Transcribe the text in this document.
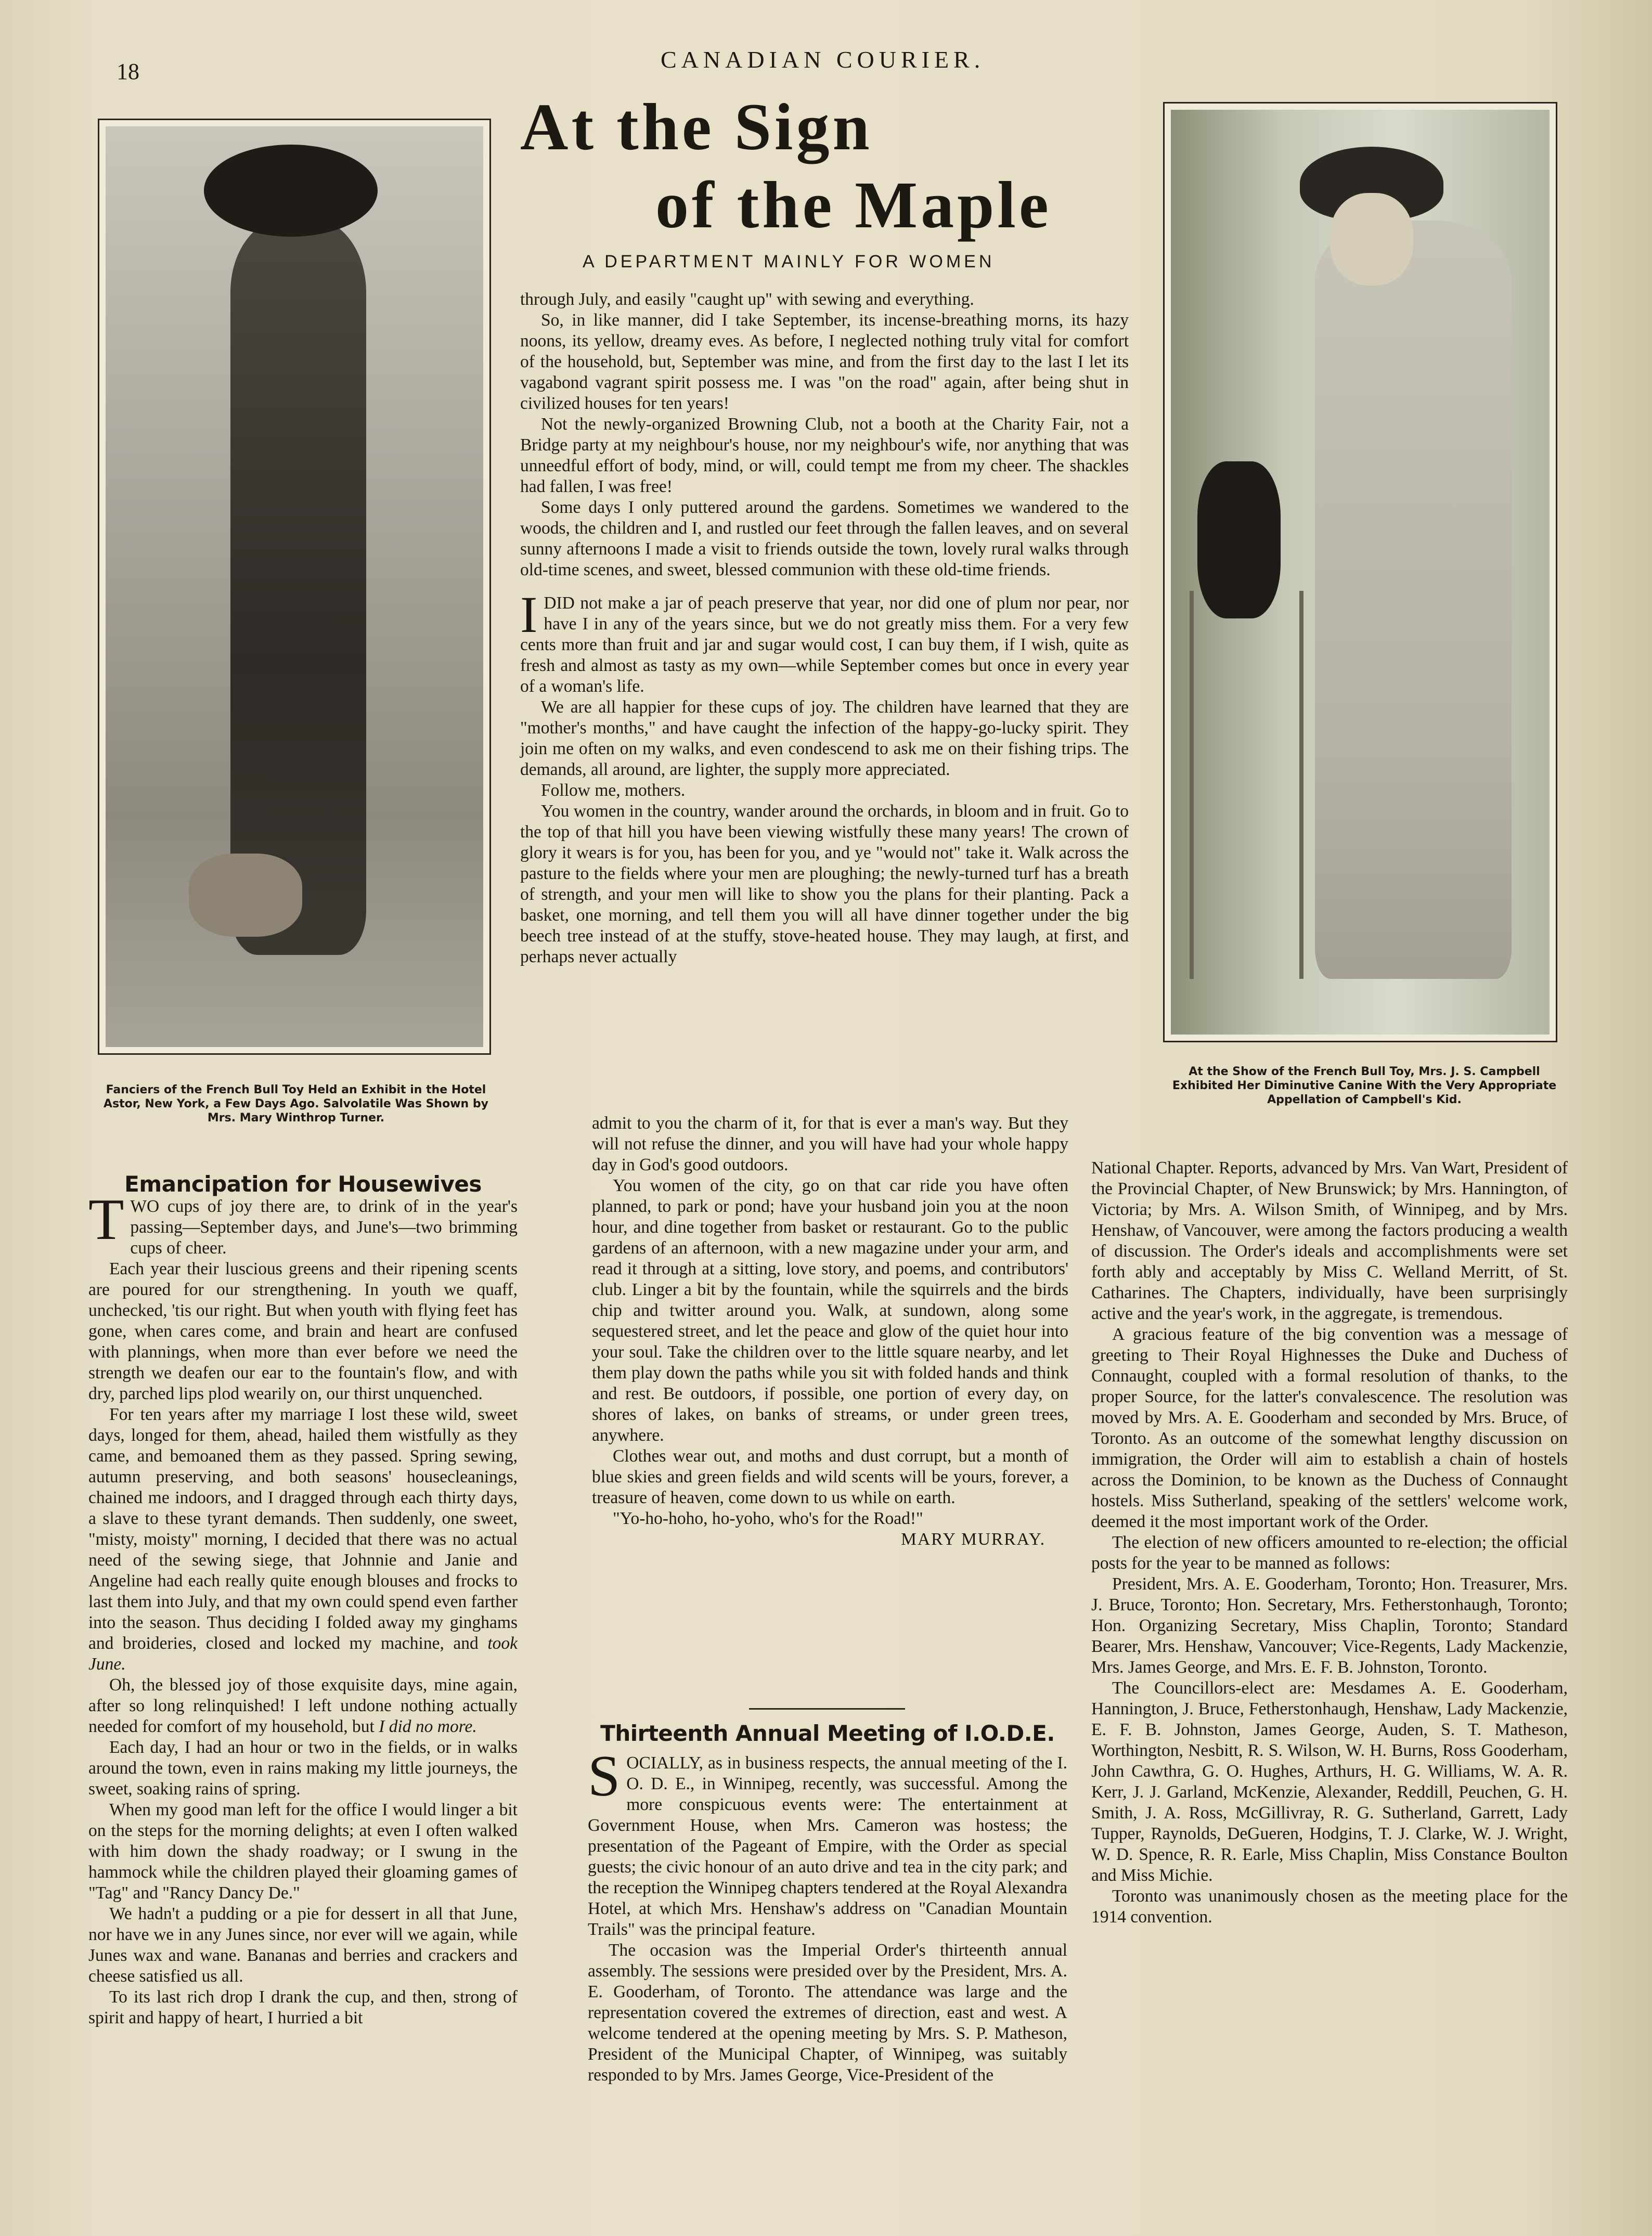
18	CANADIAN COURIER.
At the Sign
of the Maple
A DEPARTMENT MAINLY FOR WOMEN
Fanciers of the French Bull Toy Held an Exhibit in the Hotel Astor, New York, a Few Days Ago. Salvolatile Was Shown by Mrs. Mary Winthrop Turner.
At the Show of the French Bull Toy, Mrs. J. S. Campbell Exhibited Her Diminutive Canine With the Very Appropriate Appellation of Campbell's Kid.
Emancipation for Housewives

TWO cups of joy there are, to drink of in the year's passing—September days, and June's—two brimming cups of cheer.

Each year their luscious greens and their ripening scents are poured for our strengthening. In youth we quaff, unchecked, 'tis our right. But when youth with flying feet has gone, when cares come, and brain and heart are confused with plannings, when more than ever before we need the strength we deafen our ear to the fountain's flow, and with dry, parched lips plod wearily on, our thirst unquenched.

For ten years after my marriage I lost these wild, sweet days, longed for them, ahead, hailed them wistfully as they came, and bemoaned them as they passed. Spring sewing, autumn preserving, and both seasons' housecleanings, chained me indoors, and I dragged through each thirty days, a slave to these tyrant demands. Then suddenly, one sweet, "misty, moisty" morning, I decided that there was no actual need of the sewing siege, that Johnnie and Janie and Angeline had each really quite enough blouses and frocks to last them into July, and that my own could spend even farther into the season. Thus deciding I folded away my ginghams and broideries, closed and locked my machine, and took June.

Oh, the blessed joy of those exquisite days, mine again, after so long relinquished! I left undone nothing actually needed for comfort of my household, but I did no more.

Each day, I had an hour or two in the fields, or in walks around the town, even in rains making my little journeys, the sweet, soaking rains of spring.

When my good man left for the office I would linger a bit on the steps for the morning delights; at even I often walked with him down the shady roadway; or I swung in the hammock while the children played their gloaming games of "Tag" and "Rancy Dancy De."

We hadn't a pudding or a pie for dessert in all that June, nor have we in any Junes since, nor ever will we again, while Junes wax and wane. Bananas and berries and crackers and cheese satisfied us all.

To its last rich drop I drank the cup, and then, strong of spirit and happy of heart, I hurried a bit

through July, and easily "caught up" with sewing and everything.

So, in like manner, did I take September, its incense-breathing morns, its hazy noons, its yellow, dreamy eves. As before, I neglected nothing truly vital for comfort of the household, but, September was mine, and from the first day to the last I let its vagabond vagrant spirit possess me. I was "on the road" again, after being shut in civilized houses for ten years!

Not the newly-organized Browning Club, not a booth at the Charity Fair, not a Bridge party at my neighbour's house, nor my neighbour's wife, nor anything that was unneedful effort of body, mind, or will, could tempt me from my cheer. The shackles had fallen, I was free!

Some days I only puttered around the gardens. Sometimes we wandered to the woods, the children and I, and rustled our feet through the fallen leaves, and on several sunny afternoons I made a visit to friends outside the town, lovely rural walks through old-time scenes, and sweet, blessed communion with these old-time friends.

IDID not make a jar of peach preserve that year, nor did one of plum nor pear, nor have I in any of the years since, but we do not greatly miss them. For a very few cents more than fruit and jar and sugar would cost, I can buy them, if I wish, quite as fresh and almost as tasty as my own—while September comes but once in every year of a woman's life.

We are all happier for these cups of joy. The children have learned that they are "mother's months," and have caught the infection of the happy-go-lucky spirit. They join me often on my walks, and even condescend to ask me on their fishing trips. The demands, all around, are lighter, the supply more appreciated.

Follow me, mothers.

You women in the country, wander around the orchards, in bloom and in fruit. Go to the top of that hill you have been viewing wistfully these many years! The crown of glory it wears is for you, has been for you, and ye "would not" take it. Walk across the pasture to the fields where your men are ploughing; the newly-turned turf has a breath of strength, and your men will like to show you the plans for their planting. Pack a basket, one morning, and tell them you will all have dinner together under the big beech tree instead of at the stuffy, stove-heated house. They may laugh, at first, and perhaps never actually

admit to you the charm of it, for that is ever a man's way. But they will not refuse the dinner, and you will have had your whole happy day in God's good outdoors.

You women of the city, go on that car ride you have often planned, to park or pond; have your husband join you at the noon hour, and dine together from basket or restaurant. Go to the public gardens of an afternoon, with a new magazine under your arm, and read it through at a sitting, love story, and poems, and contributors' club. Linger a bit by the fountain, while the squirrels and the birds chip and twitter around you. Walk, at sundown, along some sequestered street, and let the peace and glow of the quiet hour into your soul. Take the children over to the little square nearby, and let them play down the paths while you sit with folded hands and think and rest. Be outdoors, if possible, one portion of every day, on shores of lakes, on banks of streams, or under green trees, anywhere.

Clothes wear out, and moths and dust corrupt, but a month of blue skies and green fields and wild scents will be yours, forever, a treasure of heaven, come down to us while on earth.

"Yo-ho-hoho, ho-yoho, who's for the Road!"

MARY MURRAY.

Thirteenth Annual Meeting of I.O.D.E.

SOCIALLY, as in business respects, the annual meeting of the I. O. D. E., in Winnipeg, recently, was successful. Among the more conspicuous events were: The entertainment at Government House, when Mrs. Cameron was hostess; the presentation of the Pageant of Empire, with the Order as special guests; the civic honour of an auto drive and tea in the city park; and the reception the Winnipeg chapters tendered at the Royal Alexandra Hotel, at which Mrs. Henshaw's address on "Canadian Mountain Trails" was the principal feature.

The occasion was the Imperial Order's thirteenth annual assembly. The sessions were presided over by the President, Mrs. A. E. Gooderham, of Toronto. The attendance was large and the representation covered the extremes of direction, east and west. A welcome tendered at the opening meeting by Mrs. S. P. Matheson, President of the Municipal Chapter, of Winnipeg, was suitably responded to by Mrs. James George, Vice-President of the

National Chapter. Reports, advanced by Mrs. Van Wart, President of the Provincial Chapter, of New Brunswick; by Mrs. Hannington, of Victoria; by Mrs. A. Wilson Smith, of Winnipeg, and by Mrs. Henshaw, of Vancouver, were among the factors producing a wealth of discussion. The Order's ideals and accomplishments were set forth ably and acceptably by Miss C. Welland Merritt, of St. Catharines. The Chapters, individually, have been surprisingly active and the year's work, in the aggregate, is tremendous.

A gracious feature of the big convention was a message of greeting to Their Royal Highnesses the Duke and Duchess of Connaught, coupled with a formal resolution of thanks, to the proper Source, for the latter's convalescence. The resolution was moved by Mrs. A. E. Gooderham and seconded by Mrs. Bruce, of Toronto. As an outcome of the somewhat lengthy discussion on immigration, the Order will aim to establish a chain of hostels across the Dominion, to be known as the Duchess of Connaught hostels. Miss Sutherland, speaking of the settlers' welcome work, deemed it the most important work of the Order.

The election of new officers amounted to re-election; the official posts for the year to be manned as follows:

President, Mrs. A. E. Gooderham, Toronto; Hon. Treasurer, Mrs. J. Bruce, Toronto; Hon. Secretary, Mrs. Fetherstonhaugh, Toronto; Hon. Organizing Secretary, Miss Chaplin, Toronto; Standard Bearer, Mrs. Henshaw, Vancouver; Vice-Regents, Lady Mackenzie, Mrs. James George, and Mrs. E. F. B. Johnston, Toronto.

The Councillors-elect are: Mesdames A. E. Gooderham, Hannington, J. Bruce, Fetherstonhaugh, Henshaw, Lady Mackenzie, E. F. B. Johnston, James George, Auden, S. T. Matheson, Worthington, Nesbitt, R. S. Wilson, W. H. Burns, Ross Gooderham, John Cawthra, G. O. Hughes, Arthurs, H. G. Williams, W. A. R. Kerr, J. J. Garland, McKenzie, Alexander, Reddill, Peuchen, G. H. Smith, J. A. Ross, McGillivray, R. G. Sutherland, Garrett, Lady Tupper, Raynolds, DeGueren, Hodgins, T. J. Clarke, W. J. Wright, W. D. Spence, R. R. Earle, Miss Chaplin, Miss Constance Boulton and Miss Michie.

Toronto was unanimously chosen as the meeting place for the 1914 convention.
